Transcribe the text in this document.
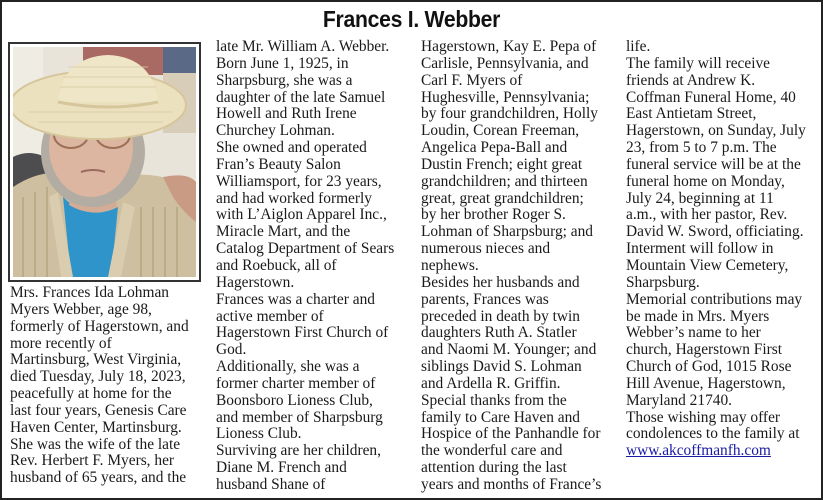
Frances I. Webber
Mrs. Frances Ida Lohman
Myers Webber, age 98,
formerly of Hagerstown, and
more recently of
Martinsburg, West Virginia,
died Tuesday, July 18, 2023,
peacefully at home for the
last four years, Genesis Care
Haven Center, Martinsburg.
She was the wife of the late
Rev. Herbert F. Myers, her
husband of 65 years, and the
late Mr. William A. Webber.
Born June 1, 1925, in
Sharpsburg, she was a
daughter of the late Samuel
Howell and Ruth Irene
Churchey Lohman.
She owned and operated
Fran’s Beauty Salon
Williamsport, for 23 years,
and had worked formerly
with L’Aiglon Apparel Inc.,
Miracle Mart, and the
Catalog Department of Sears
and Roebuck, all of
Hagerstown.
Frances was a charter and
active member of
Hagerstown First Church of
God.
Additionally, she was a
former charter member of
Boonsboro Lioness Club,
and member of Sharpsburg
Lioness Club.
Surviving are her children,
Diane M. French and
husband Shane of
Hagerstown, Kay E. Pepa of
Carlisle, Pennsylvania, and
Carl F. Myers of
Hughesville, Pennsylvania;
by four grandchildren, Holly
Loudin, Corean Freeman,
Angelica Pepa-Ball and
Dustin French; eight great
grandchildren; and thirteen
great, great grandchildren;
by her brother Roger S.
Lohman of Sharpsburg; and
numerous nieces and
nephews.
Besides her husbands and
parents, Frances was
preceded in death by twin
daughters Ruth A. Statler
and Naomi M. Younger; and
siblings David S. Lohman
and Ardella R. Griffin.
Special thanks from the
family to Care Haven and
Hospice of the Panhandle for
the wonderful care and
attention during the last
years and months of France’s
life.
The family will receive
friends at Andrew K.
Coffman Funeral Home, 40
East Antietam Street,
Hagerstown, on Sunday, July
23, from 5 to 7 p.m. The
funeral service will be at the
funeral home on Monday,
July 24, beginning at 11
a.m., with her pastor, Rev.
David W. Sword, officiating.
Interment will follow in
Mountain View Cemetery,
Sharpsburg.
Memorial contributions may
be made in Mrs. Myers
Webber’s name to her
church, Hagerstown First
Church of God, 1015 Rose
Hill Avenue, Hagerstown,
Maryland 21740.
Those wishing may offer
condolences to the family at
www.akcoffmanfh.com
